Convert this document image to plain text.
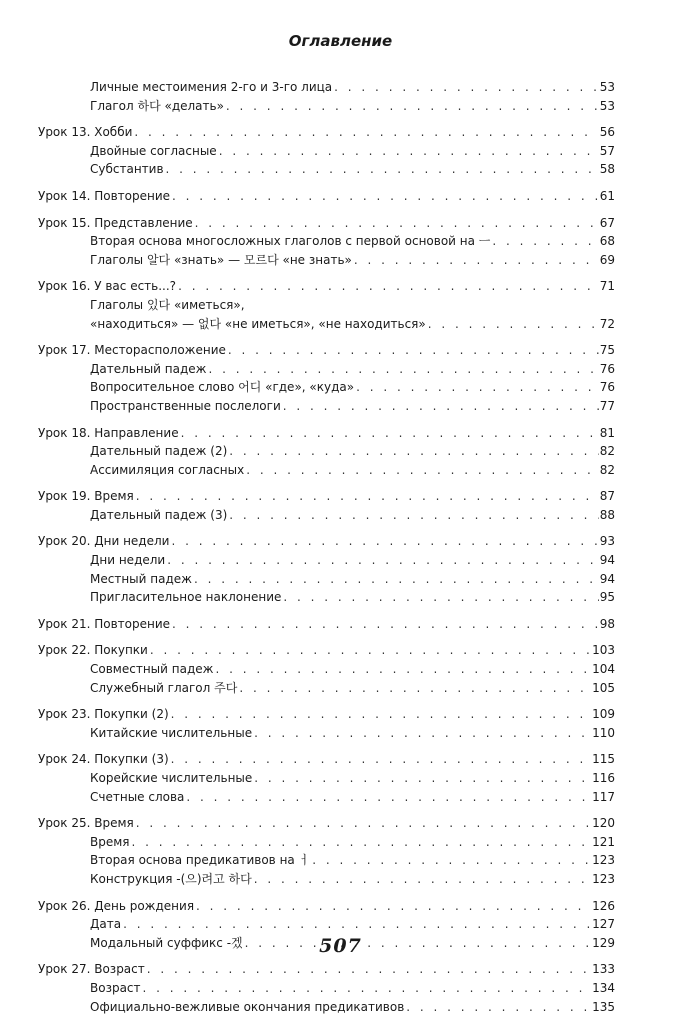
Оглавление
Личные местоимения 2-го и 3-го лица . . .	53
Глагол 하다 «делать» . . .	53
Урок 13. Хобби . . .	56
Двойные согласные . . .	57
Субстантив . . .	58
Урок 14. Повторение . . .	61
Урок 15. Представление . . .	67
Вторая основа многосложных глаголов с первой основой на ㅡ . . .	68
Глаголы 알다 «знать» — 모르다 «не знать» . . .	69
Урок 16. У вас есть...? . . .	71
Глаголы 있다 «иметься»,
«находиться» — 없다 «не иметься», «не находиться» . . .	72
Урок 17. Месторасположение . . .	75
Дательный падеж . . .	76
Вопросительное слово 어디 «где», «куда» . . .	76
Пространственные послелоги . . .	77
Урок 18. Направление . . .	81
Дательный падеж (2) . . .	82
Ассимиляция согласных . . .	82
Урок 19. Время . . .	87
Дательный падеж (3) . . .	88
Урок 20. Дни недели . . .	93
Дни недели . . .	94
Местный падеж . . .	94
Пригласительное наклонение . . .	95
Урок 21. Повторение . . .	98
Урок 22. Покупки . . .	103
Совместный падеж . . .	104
Служебный глагол 주다 . . .	105
Урок 23. Покупки (2) . . .	109
Китайские числительные . . .	110
Урок 24. Покупки (3) . . .	115
Корейские числительные . . .	116
Счетные слова . . .	117
Урок 25. Время . . .	120
Время . . .	121
Вторая основа предикативов на ㅓ . . .	123
Конструкция -(으)려고 하다 . . .	123
Урок 26. День рождения . . .	126
Дата . . .	127
Модальный суффикс -겠 . . .	129
Урок 27. Возраст . . .	133
Возраст . . .	134
Официально-вежливые окончания предикативов . . .	135
507
